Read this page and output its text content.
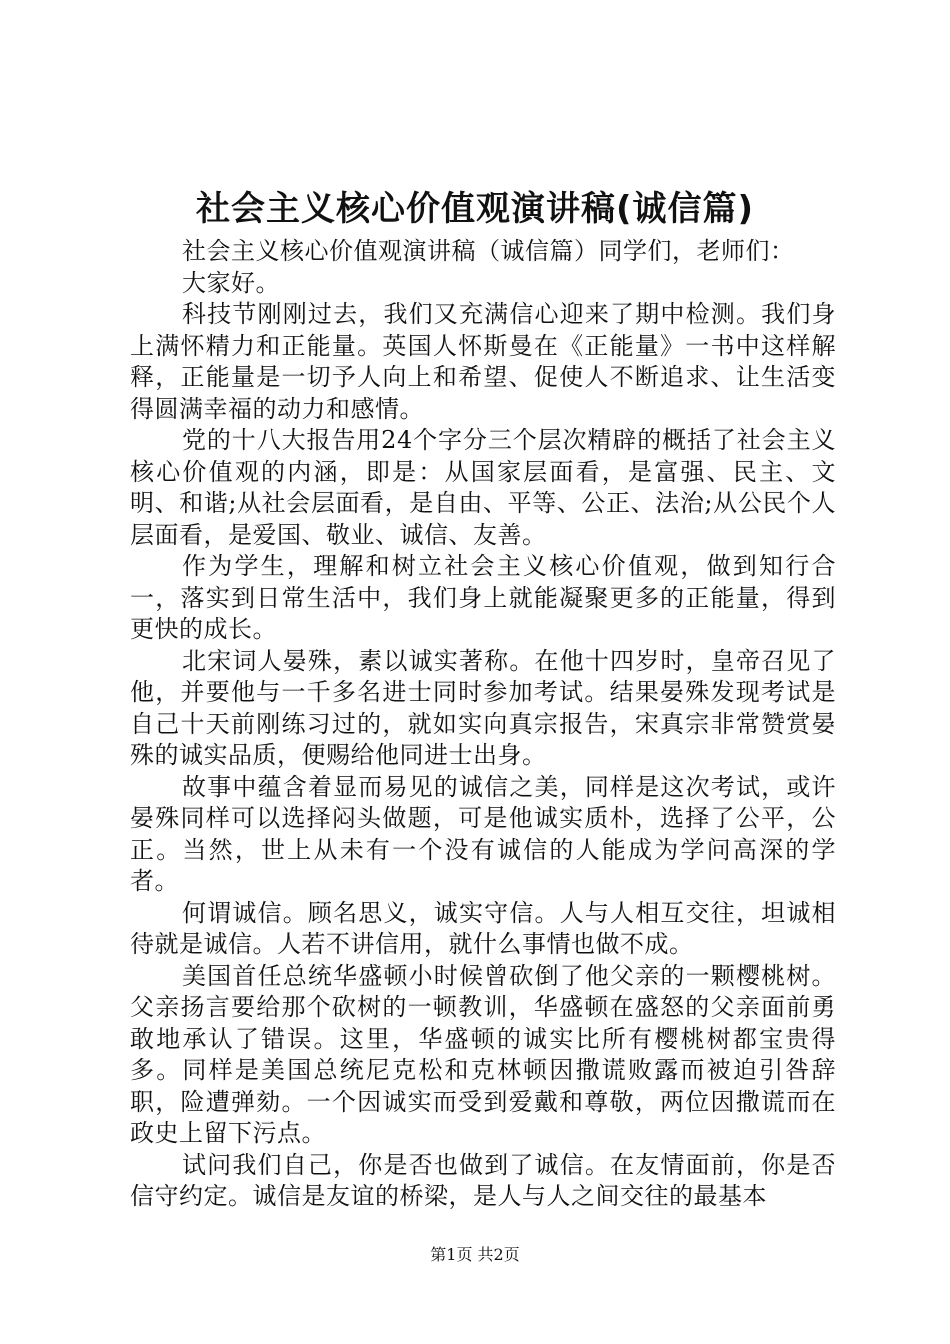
社会主义核心价值观演讲稿(诚信篇)

社会主义核心价值观演讲稿（诚信篇）同学们，老师们：

大家好。

科技节刚刚过去，我们又充满信心迎来了期中检测。我们身上满怀精力和正能量。英国人怀斯曼在《正能量》一书中这样解释，正能量是一切予人向上和希望、促使人不断追求、让生活变得圆满幸福的动力和感情。

党的十八大报告用24个字分三个层次精辟的概括了社会主义核心价值观的内涵，即是：从国家层面看，是富强、民主、文明、和谐;从社会层面看，是自由、平等、公正、法治;从公民个人层面看，是爱国、敬业、诚信、友善。

作为学生，理解和树立社会主义核心价值观，做到知行合一，落实到日常生活中，我们身上就能凝聚更多的正能量，得到更快的成长。

北宋词人晏殊，素以诚实著称。在他十四岁时，皇帝召见了他，并要他与一千多名进士同时参加考试。结果晏殊发现考试是自己十天前刚练习过的，就如实向真宗报告，宋真宗非常赞赏晏殊的诚实品质，便赐给他同进士出身。

故事中蕴含着显而易见的诚信之美，同样是这次考试，或许晏殊同样可以选择闷头做题，可是他诚实质朴，选择了公平，公正。当然，世上从未有一个没有诚信的人能成为学问高深的学者。

何谓诚信。顾名思义，诚实守信。人与人相互交往，坦诚相待就是诚信。人若不讲信用，就什么事情也做不成。

美国首任总统华盛顿小时候曾砍倒了他父亲的一颗樱桃树。父亲扬言要给那个砍树的一顿教训，华盛顿在盛怒的父亲面前勇敢地承认了错误。这里，华盛顿的诚实比所有樱桃树都宝贵得多。同样是美国总统尼克松和克林顿因撒谎败露而被迫引咎辞职，险遭弹劾。一个因诚实而受到爱戴和尊敬，两位因撒谎而在政史上留下污点。

试问我们自己，你是否也做到了诚信。在友情面前，你是否信守约定。诚信是友谊的桥梁，是人与人之间交往的最基本

第1页 共2页
